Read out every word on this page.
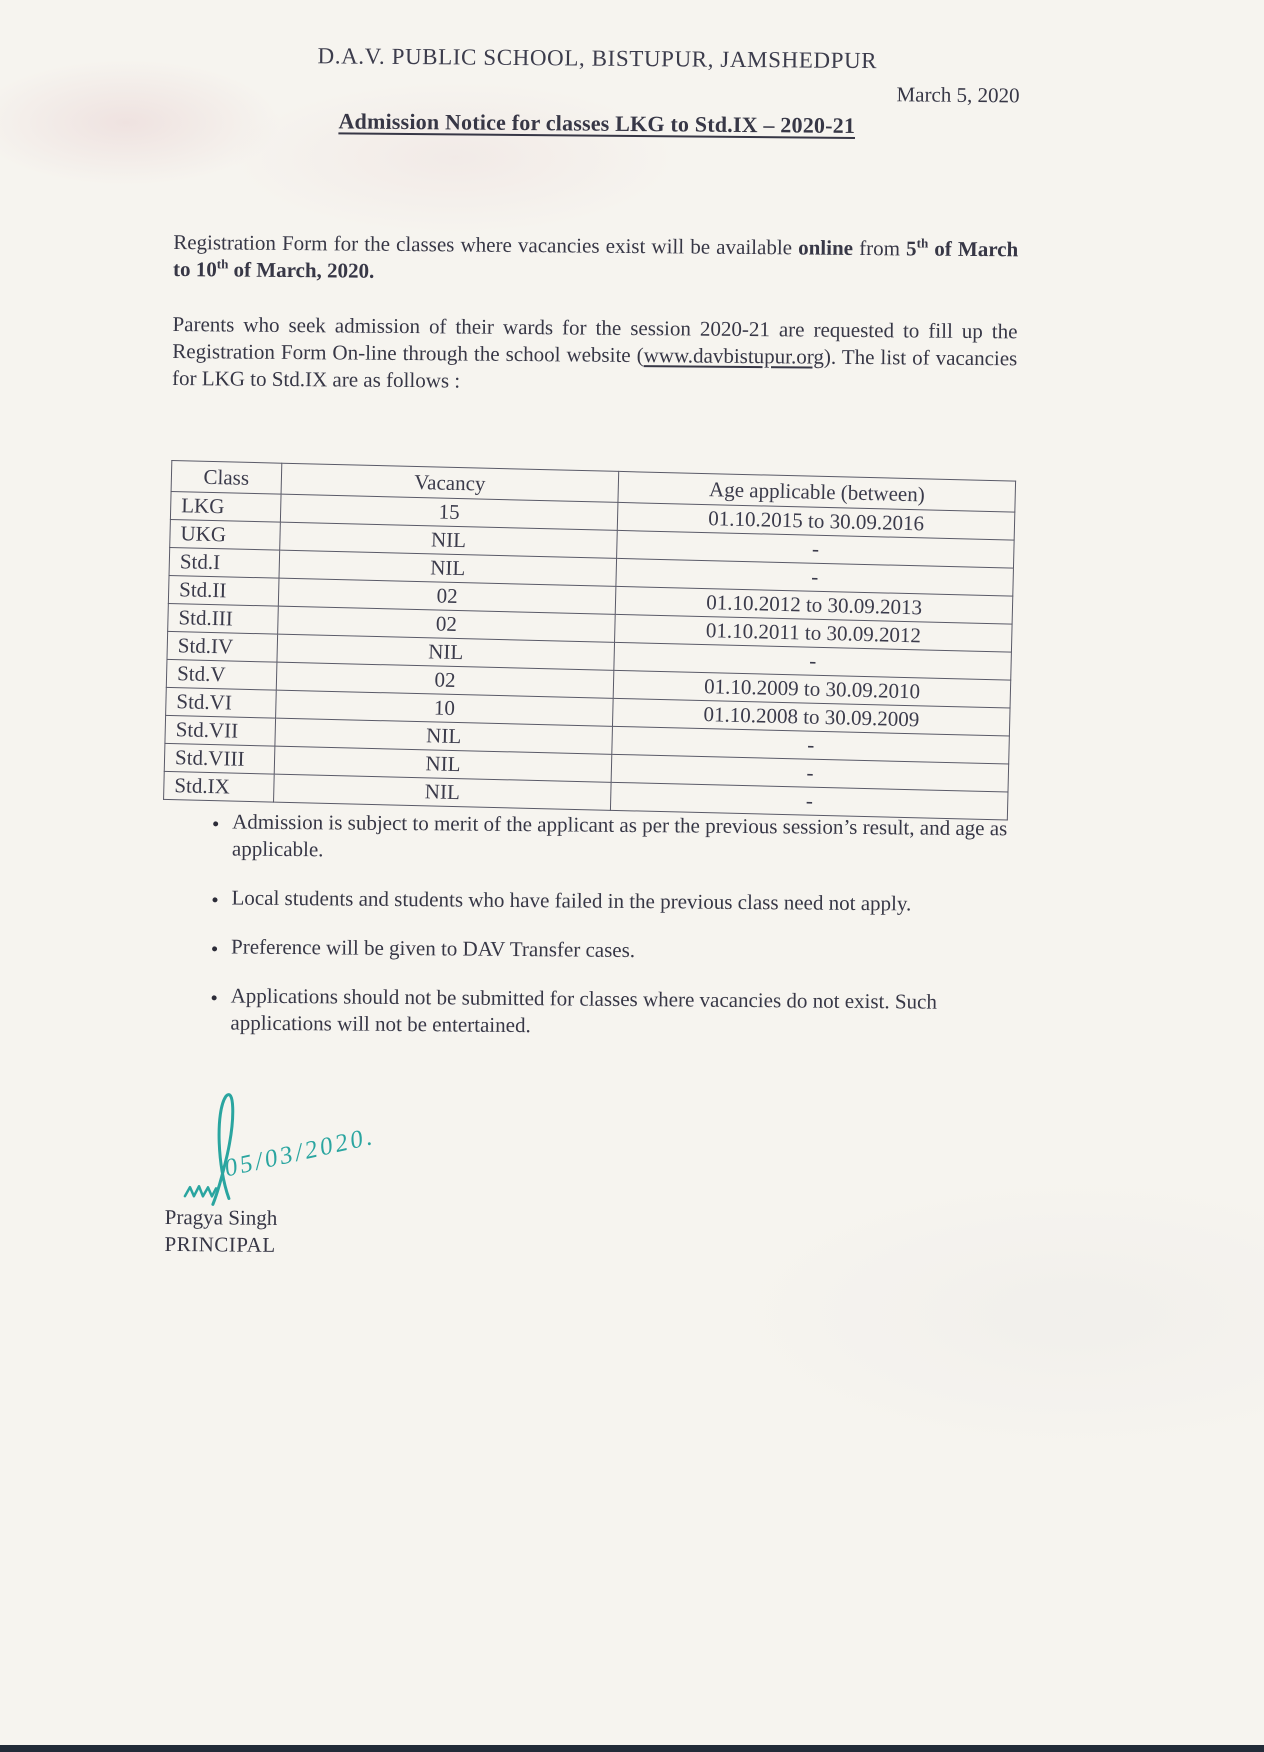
D.A.V. PUBLIC SCHOOL, BISTUPUR, JAMSHEDPUR
March 5, 2020
Admission Notice for classes LKG to Std.IX – 2020-21

Registration Form for the classes where vacancies exist will be available online from 5th of March to 10th of March, 2020.

Parents who seek admission of their wards for the session 2020-21 are requested to fill up the Registration Form On-line through the school website (www.davbistupur.org). The list of vacancies for LKG to Std.IX are as follows :

Class	Vacancy	Age applicable (between)
LKG	15	01.10.2015 to 30.09.2016
UKG	NIL	-
Std.I	NIL	-
Std.II	02	01.10.2012 to 30.09.2013
Std.III	02	01.10.2011 to 30.09.2012
Std.IV	NIL	-
Std.V	02	01.10.2009 to 30.09.2010
Std.VI	10	01.10.2008 to 30.09.2009
Std.VII	NIL	-
Std.VIII	NIL	-
Std.IX	NIL	-
• Admission is subject to merit of the applicant as per the previous session’s result, and age as applicable.
• Local students and students who have failed in the previous class need not apply.
• Preference will be given to DAV Transfer cases.
• Applications should not be submitted for classes where vacancies do not exist. Such applications will not be entertained.
05/03/2020.
Pragya Singh
PRINCIPAL
